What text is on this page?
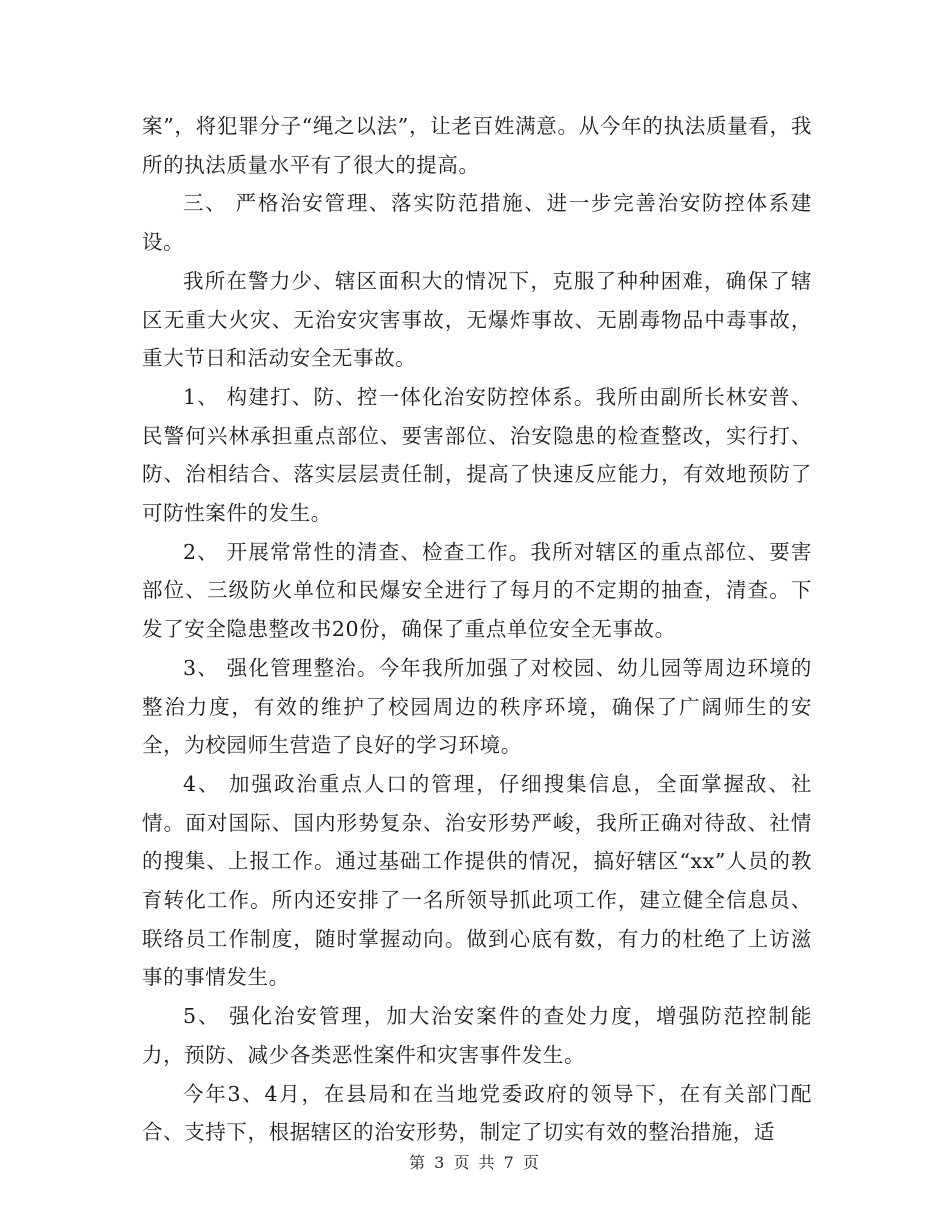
案”，将犯罪分子“绳之以法”，让老百姓满意。从今年的执法质量看，我所的执法质量水平有了很大的提高。

三、 严格治安管理、落实防范措施、进一步完善治安防控体系建设。

我所在警力少、辖区面积大的情况下，克服了种种困难，确保了辖区无重大火灾、无治安灾害事故，无爆炸事故、无剧毒物品中毒事故，重大节日和活动安全无事故。

1、 构建打、防、控一体化治安防控体系。我所由副所长林安普、民警何兴林承担重点部位、要害部位、治安隐患的检查整改，实行打、防、治相结合、落实层层责任制，提高了快速反应能力，有效地预防了可防性案件的发生。

2、 开展常常性的清查、检查工作。我所对辖区的重点部位、要害部位、三级防火单位和民爆安全进行了每月的不定期的抽查，清查。下发了安全隐患整改书20份，确保了重点单位安全无事故。

3、 强化管理整治。今年我所加强了对校园、幼儿园等周边环境的整治力度，有效的维护了校园周边的秩序环境，确保了广阔师生的安全，为校园师生营造了良好的学习环境。

4、 加强政治重点人口的管理，仔细搜集信息，全面掌握敌、社情。面对国际、国内形势复杂、治安形势严峻，我所正确对待敌、社情的搜集、上报工作。通过基础工作提供的情况，搞好辖区“xx”人员的教育转化工作。所内还安排了一名所领导抓此项工作，建立健全信息员、联络员工作制度，随时掌握动向。做到心底有数，有力的杜绝了上访滋事的事情发生。

5、 强化治安管理，加大治安案件的查处力度，增强防范控制能力，预防、减少各类恶性案件和灾害事件发生。

今年3、4月，在县局和在当地党委政府的领导下，在有关部门配合、支持下，根据辖区的治安形势，制定了切实有效的整治措施，适

第 3 页 共 7 页
